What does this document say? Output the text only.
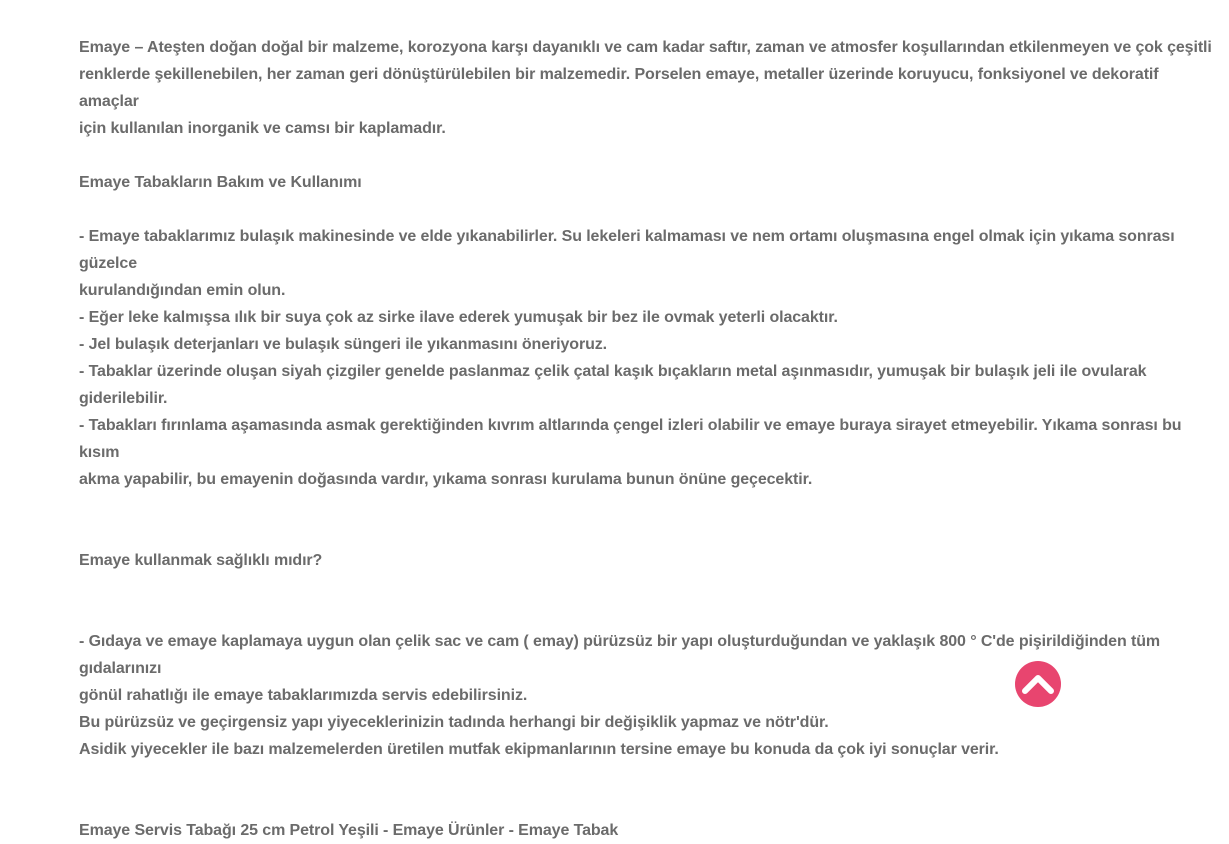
Emaye – Ateşten doğan doğal bir malzeme, korozyona karşı dayanıklı ve cam kadar saftır, zaman ve atmosfer koşullarından etkilenmeyen ve çok çeşitli

renklerde şekillenebilen, her zaman geri dönüştürülebilen bir malzemedir. Porselen emaye, metaller üzerinde koruyucu, fonksiyonel ve dekoratif amaçlar

için kullanılan inorganik ve camsı bir kaplamadır.

Emaye Tabakların Bakım ve Kullanımı

- Emaye tabaklarımız bulaşık makinesinde ve elde yıkanabilirler. Su lekeleri kalmaması ve nem ortamı oluşmasına engel olmak için yıkama sonrası güzelce

kurulandığından emin olun.

- Eğer leke kalmışsa ılık bir suya çok az sirke ilave ederek yumuşak bir bez ile ovmak yeterli olacaktır.

- Jel bulaşık deterjanları ve bulaşık süngeri ile yıkanmasını öneriyoruz.

- Tabaklar üzerinde oluşan siyah çizgiler genelde paslanmaz çelik çatal kaşık bıçakların metal aşınmasıdır, yumuşak bir bulaşık jeli ile ovularak giderilebilir.

- Tabakları fırınlama aşamasında asmak gerektiğinden kıvrım altlarında çengel izleri olabilir ve emaye buraya sirayet etmeyebilir. Yıkama sonrası bu kısım

akma yapabilir, bu emayenin doğasında vardır, yıkama sonrası kurulama bunun önüne geçecektir.

Emaye kullanmak sağlıklı mıdır?

- Gıdaya ve emaye kaplamaya uygun olan çelik sac ve cam ( emay) pürüzsüz bir yapı oluşturduğundan ve yaklaşık 800 ° C'de pişirildiğinden tüm gıdalarınızı

gönül rahatlığı ile emaye tabaklarımızda servis edebilirsiniz.

Bu pürüzsüz ve geçirgensiz yapı yiyeceklerinizin tadında herhangi bir değişiklik yapmaz ve nötr'dür.

Asidik yiyecekler ile bazı malzemelerden üretilen mutfak ekipmanlarının tersine emaye bu konuda da çok iyi sonuçlar verir.

Emaye Servis Tabağı 25 cm Petrol Yeşili - Emaye Ürünler - Emaye Tabak
